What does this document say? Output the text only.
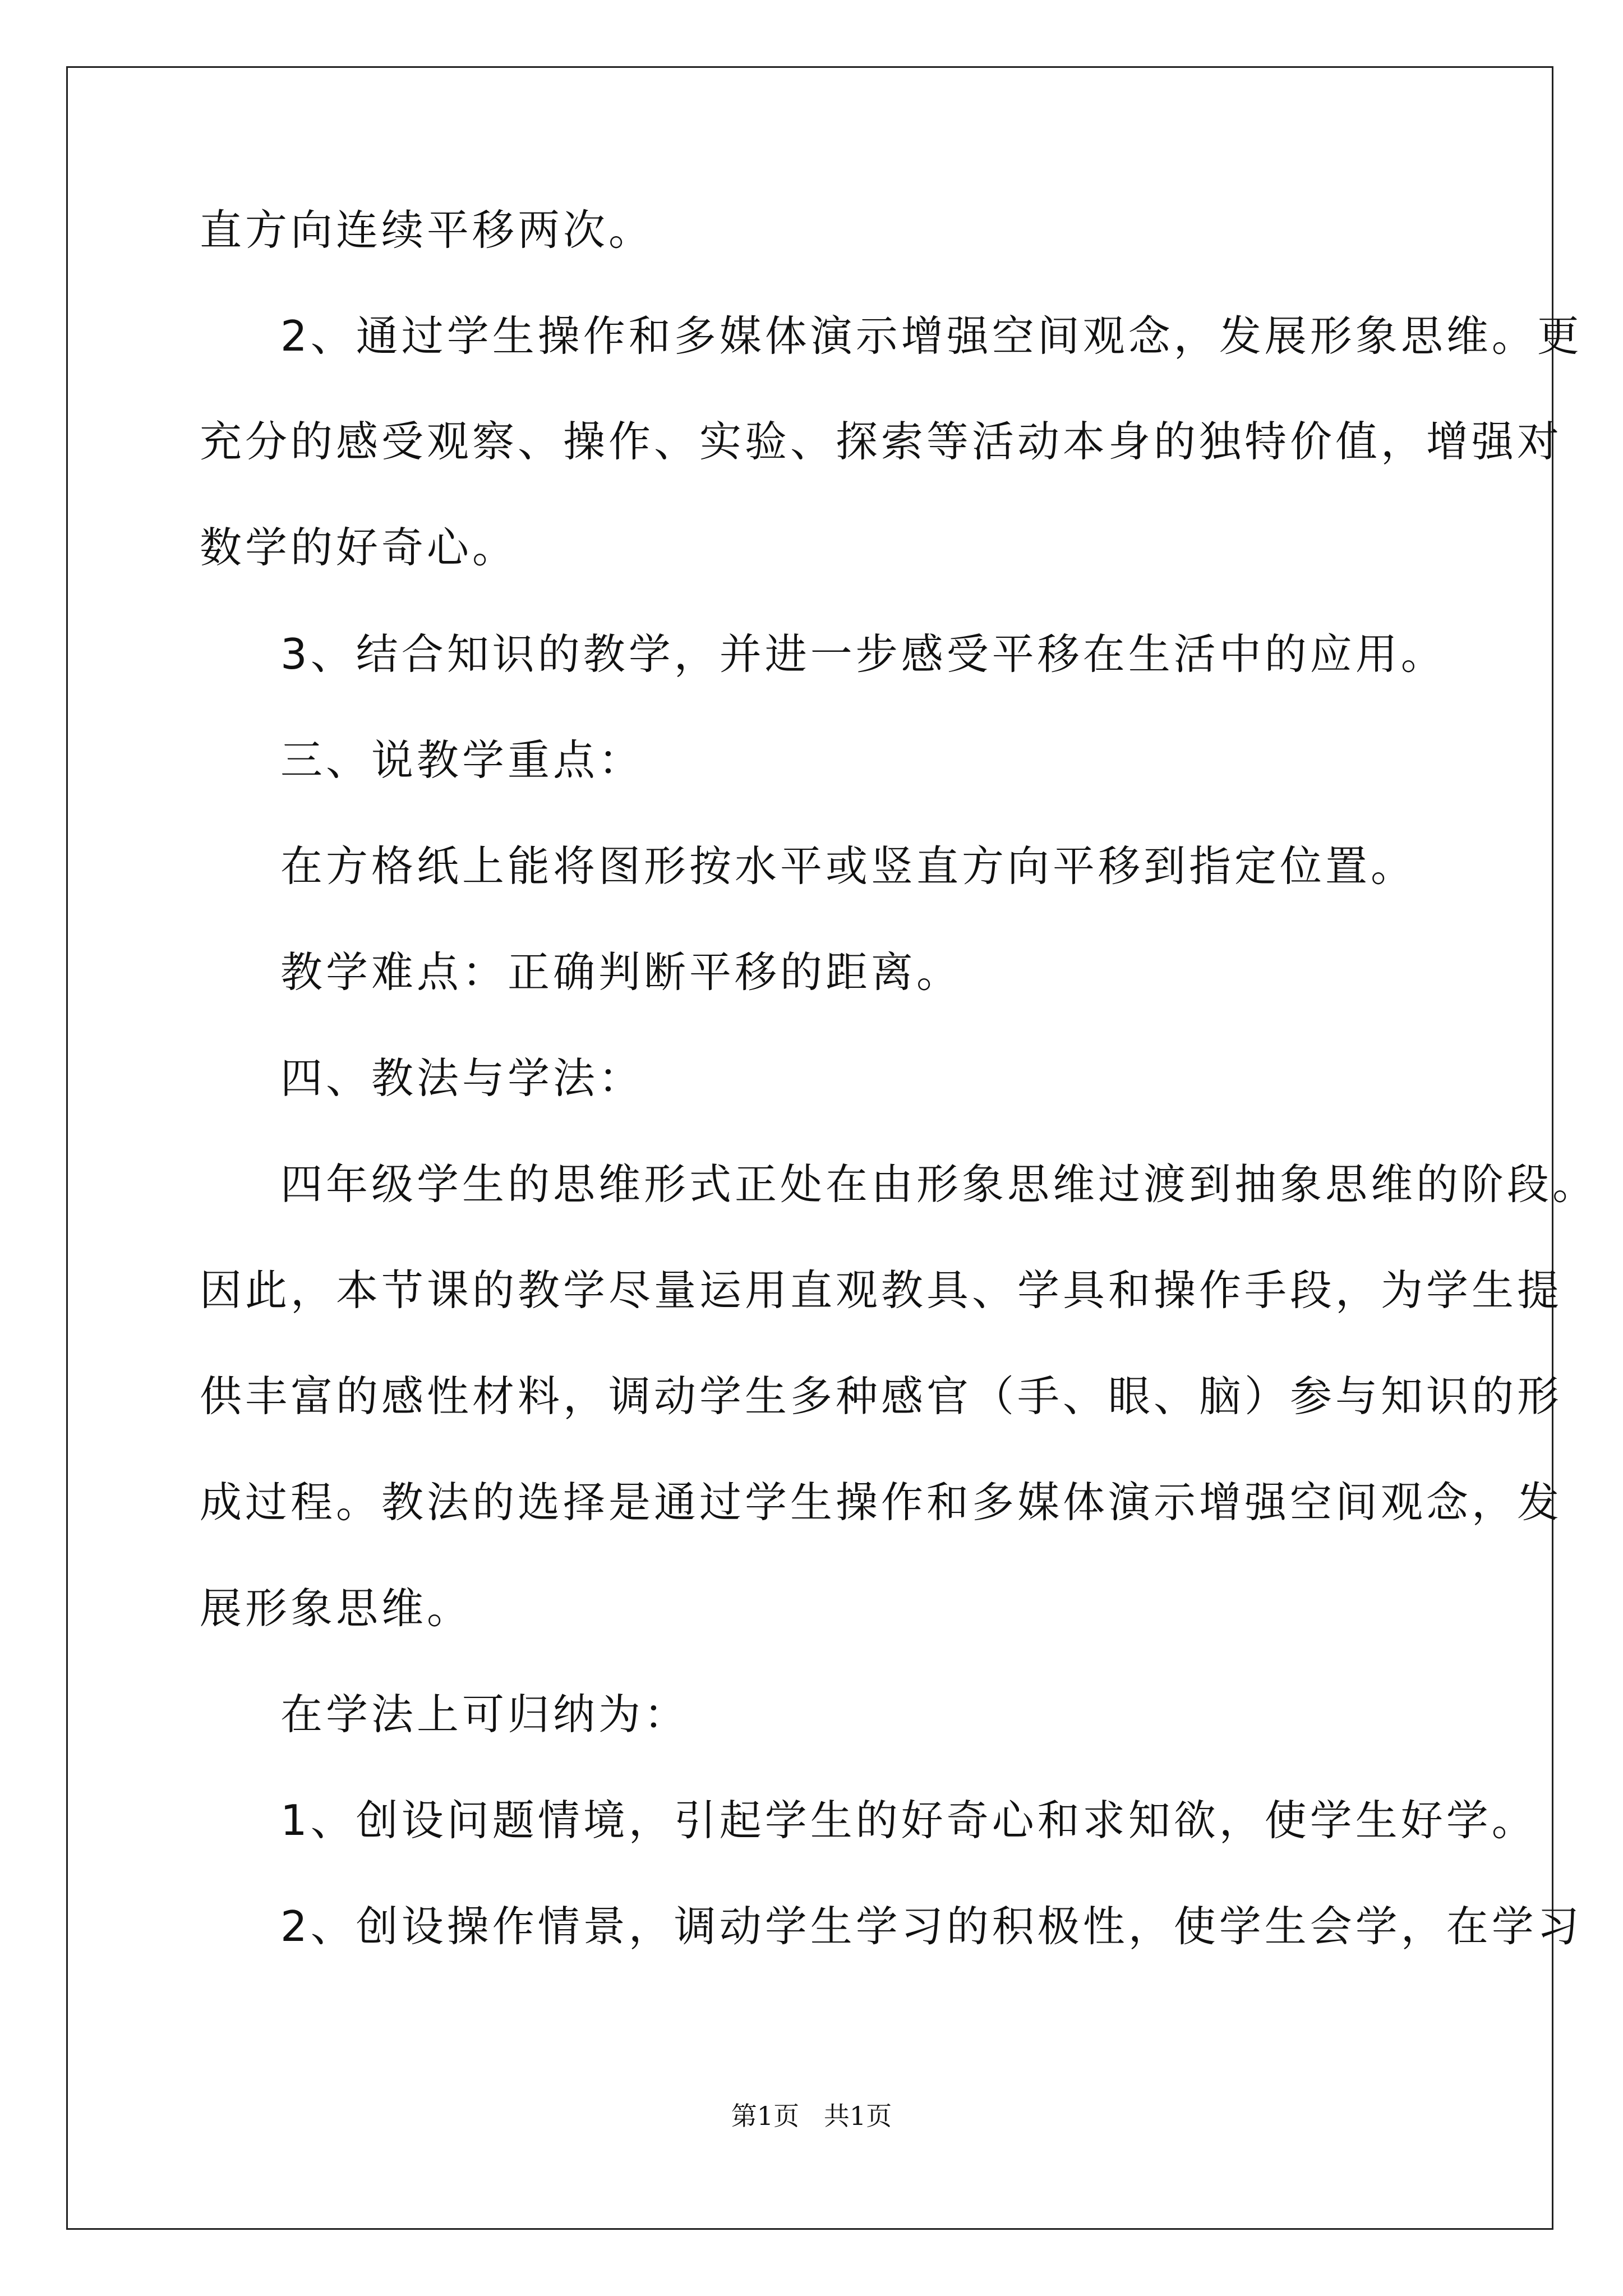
直方向连续平移两次。
2、通过学生操作和多媒体演示增强空间观念，发展形象思维。更
充分的感受观察、操作、实验、探索等活动本身的独特价值，增强对
数学的好奇心。
3、结合知识的教学，并进一步感受平移在生活中的应用。
三、说教学重点：
在方格纸上能将图形按水平或竖直方向平移到指定位置。
教学难点：正确判断平移的距离。
四、教法与学法：
四年级学生的思维形式正处在由形象思维过渡到抽象思维的阶段。
因此，本节课的教学尽量运用直观教具、学具和操作手段，为学生提
供丰富的感性材料，调动学生多种感官（手、眼、脑）参与知识的形
成过程。教法的选择是通过学生操作和多媒体演示增强空间观念，发
展形象思维。
在学法上可归纳为：
1、创设问题情境，引起学生的好奇心和求知欲，使学生好学。
2、创设操作情景，调动学生学习的积极性，使学生会学，在学习
第1页   共1页
